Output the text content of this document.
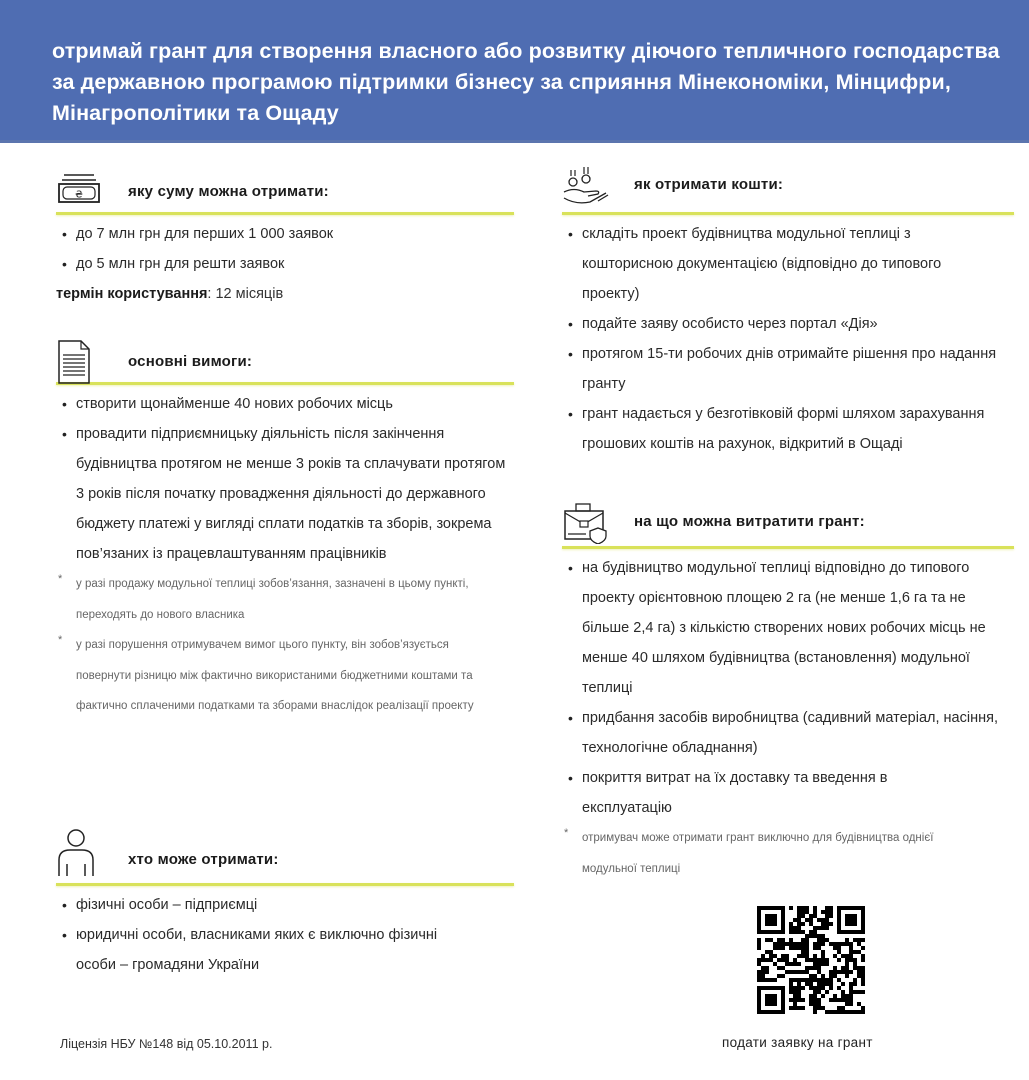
отримай грант для створення власного або розвитку діючого тепличного господарства за державною програмою підтримки бізнесу за сприяння Мінекономіки, Мінцифри, Мінагрополітики та Ощаду
₴	яку суму можна отримати:
• до 7 млн грн для перших 1 000 заявок
• до 5 млн грн для решти заявок
термін користування: 12 місяців
основні вимоги:
• створити щонайменше 40 нових робочих місць
• провадити підприємницьку діяльність після закінчення будівництва протягом не менше 3 років та сплачувати протягом 3 років після початку провадження діяльності до державного бюджету платежі у вигляді сплати податків та зборів, зокрема пов’язаних із працевлаштуванням працівників

* у разі продажу модульної теплиці зобов’язання, зазначені в цьому пункті, переходять до нового власника

* у разі порушення отримувачем вимог цього пункту, він зобов’язується повернути різницю між фактично використаними бюджетними коштами та фактично сплаченими податками та зборами внаслідок реалізації проекту

хто може отримати:
• фізичні особи – підприємці
• юридичні особи, власниками яких є виключно фізичні особи – громадяни України
як отримати кошти:
• складіть проект будівництва модульної теплиці з кошторисною документацією (відповідно до типового проекту)
• подайте заяву особисто через портал «Дія»
• протягом 15-ти робочих днів отримайте рішення про надання гранту
• грант надається у безготівковій формі шляхом зарахування грошових коштів на рахунок, відкритий в Ощаді
на що можна витратити грант:
• на будівництво модульної теплиці відповідно до типового проекту орієнтовною площею 2 га (не менше 1,6 га та не більше 2,4 га) з кількістю створених нових робочих місць не менше 40 шляхом будівництва (встановлення) модульної теплиці
• придбання засобів виробництва (садивний матеріал, насіння, технологічне обладнання)
• покриття витрат на їх доставку та введення в експлуатацію

* отримувач може отримати грант виключно для будівництва однієї модульної теплиці

подати заявку на грант
Ліцензія НБУ №148 від 05.10.2011 р.
